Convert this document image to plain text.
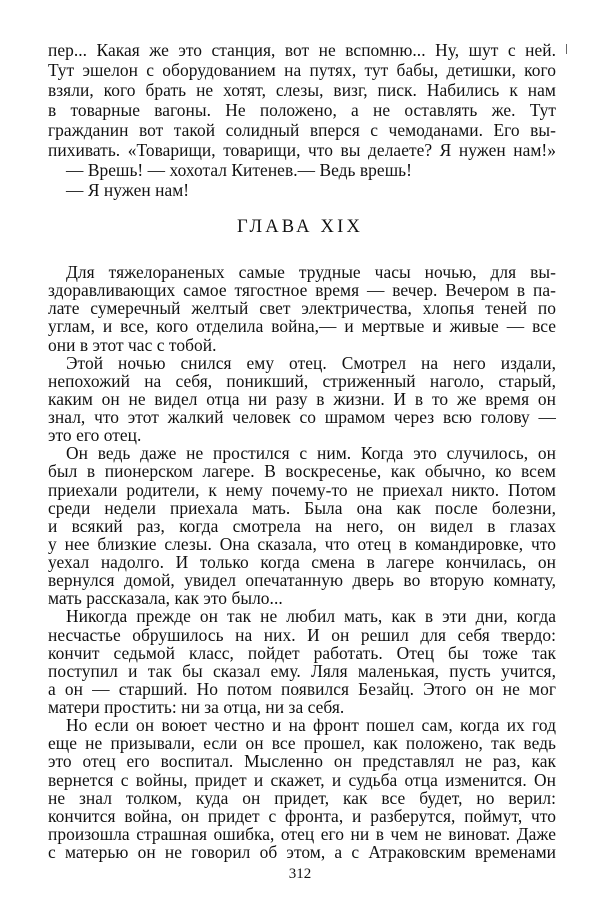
пер... Какая же это станция, вот не вспомню... Ну, шут с ней.
Тут эшелон с оборудованием на путях, тут бабы, детишки, кого
взяли, кого брать не хотят, слезы, визг, писк. Набились к нам
в товарные вагоны. Не положено, а не оставлять же. Тут
гражданин вот такой солидный вперся с чемоданами. Его вы-
пихивать. «Товарищи, товарищи, что вы делаете? Я нужен нам!»
— Врешь! — хохотал Китенев.— Ведь врешь!
— Я нужен нам!
ГЛАВА XIX
Для тяжелораненых самые трудные часы ночью, для вы-
здоравливающих самое тягостное время — вечер. Вечером в па-
лате сумеречный желтый свет электричества, хлопья теней по
углам, и все, кого отделила война,— и мертвые и живые — все
они в этот час с тобой.
Этой ночью снился ему отец. Смотрел на него издали,
непохожий на себя, поникший, стриженный наголо, старый,
каким он не видел отца ни разу в жизни. И в то же время он
знал, что этот жалкий человек со шрамом через всю голову —
это его отец.
Он ведь даже не простился с ним. Когда это случилось, он
был в пионерском лагере. В воскресенье, как обычно, ко всем
приехали родители, к нему почему-то не приехал никто. Потом
среди недели приехала мать. Была она как после болезни,
и всякий раз, когда смотрела на него, он видел в глазах
у нее близкие слезы. Она сказала, что отец в командировке, что
уехал надолго. И только когда смена в лагере кончилась, он
вернулся домой, увидел опечатанную дверь во вторую комнату,
мать рассказала, как это было...
Никогда прежде он так не любил мать, как в эти дни, когда
несчастье обрушилось на них. И он решил для себя твердо:
кончит седьмой класс, пойдет работать. Отец бы тоже так
поступил и так бы сказал ему. Ляля маленькая, пусть учится,
а он — старший. Но потом появился Безайц. Этого он не мог
матери простить: ни за отца, ни за себя.
Но если он воюет честно и на фронт пошел сам, когда их год
еще не призывали, если он все прошел, как положено, так ведь
это отец его воспитал. Мысленно он представлял не раз, как
вернется с войны, придет и скажет, и судьба отца изменится. Он
не знал толком, куда он придет, как все будет, но верил:
кончится война, он придет с фронта, и разберутся, поймут, что
произошла страшная ошибка, отец его ни в чем не виноват. Даже
с матерью он не говорил об этом, а с Атраковским временами
312
